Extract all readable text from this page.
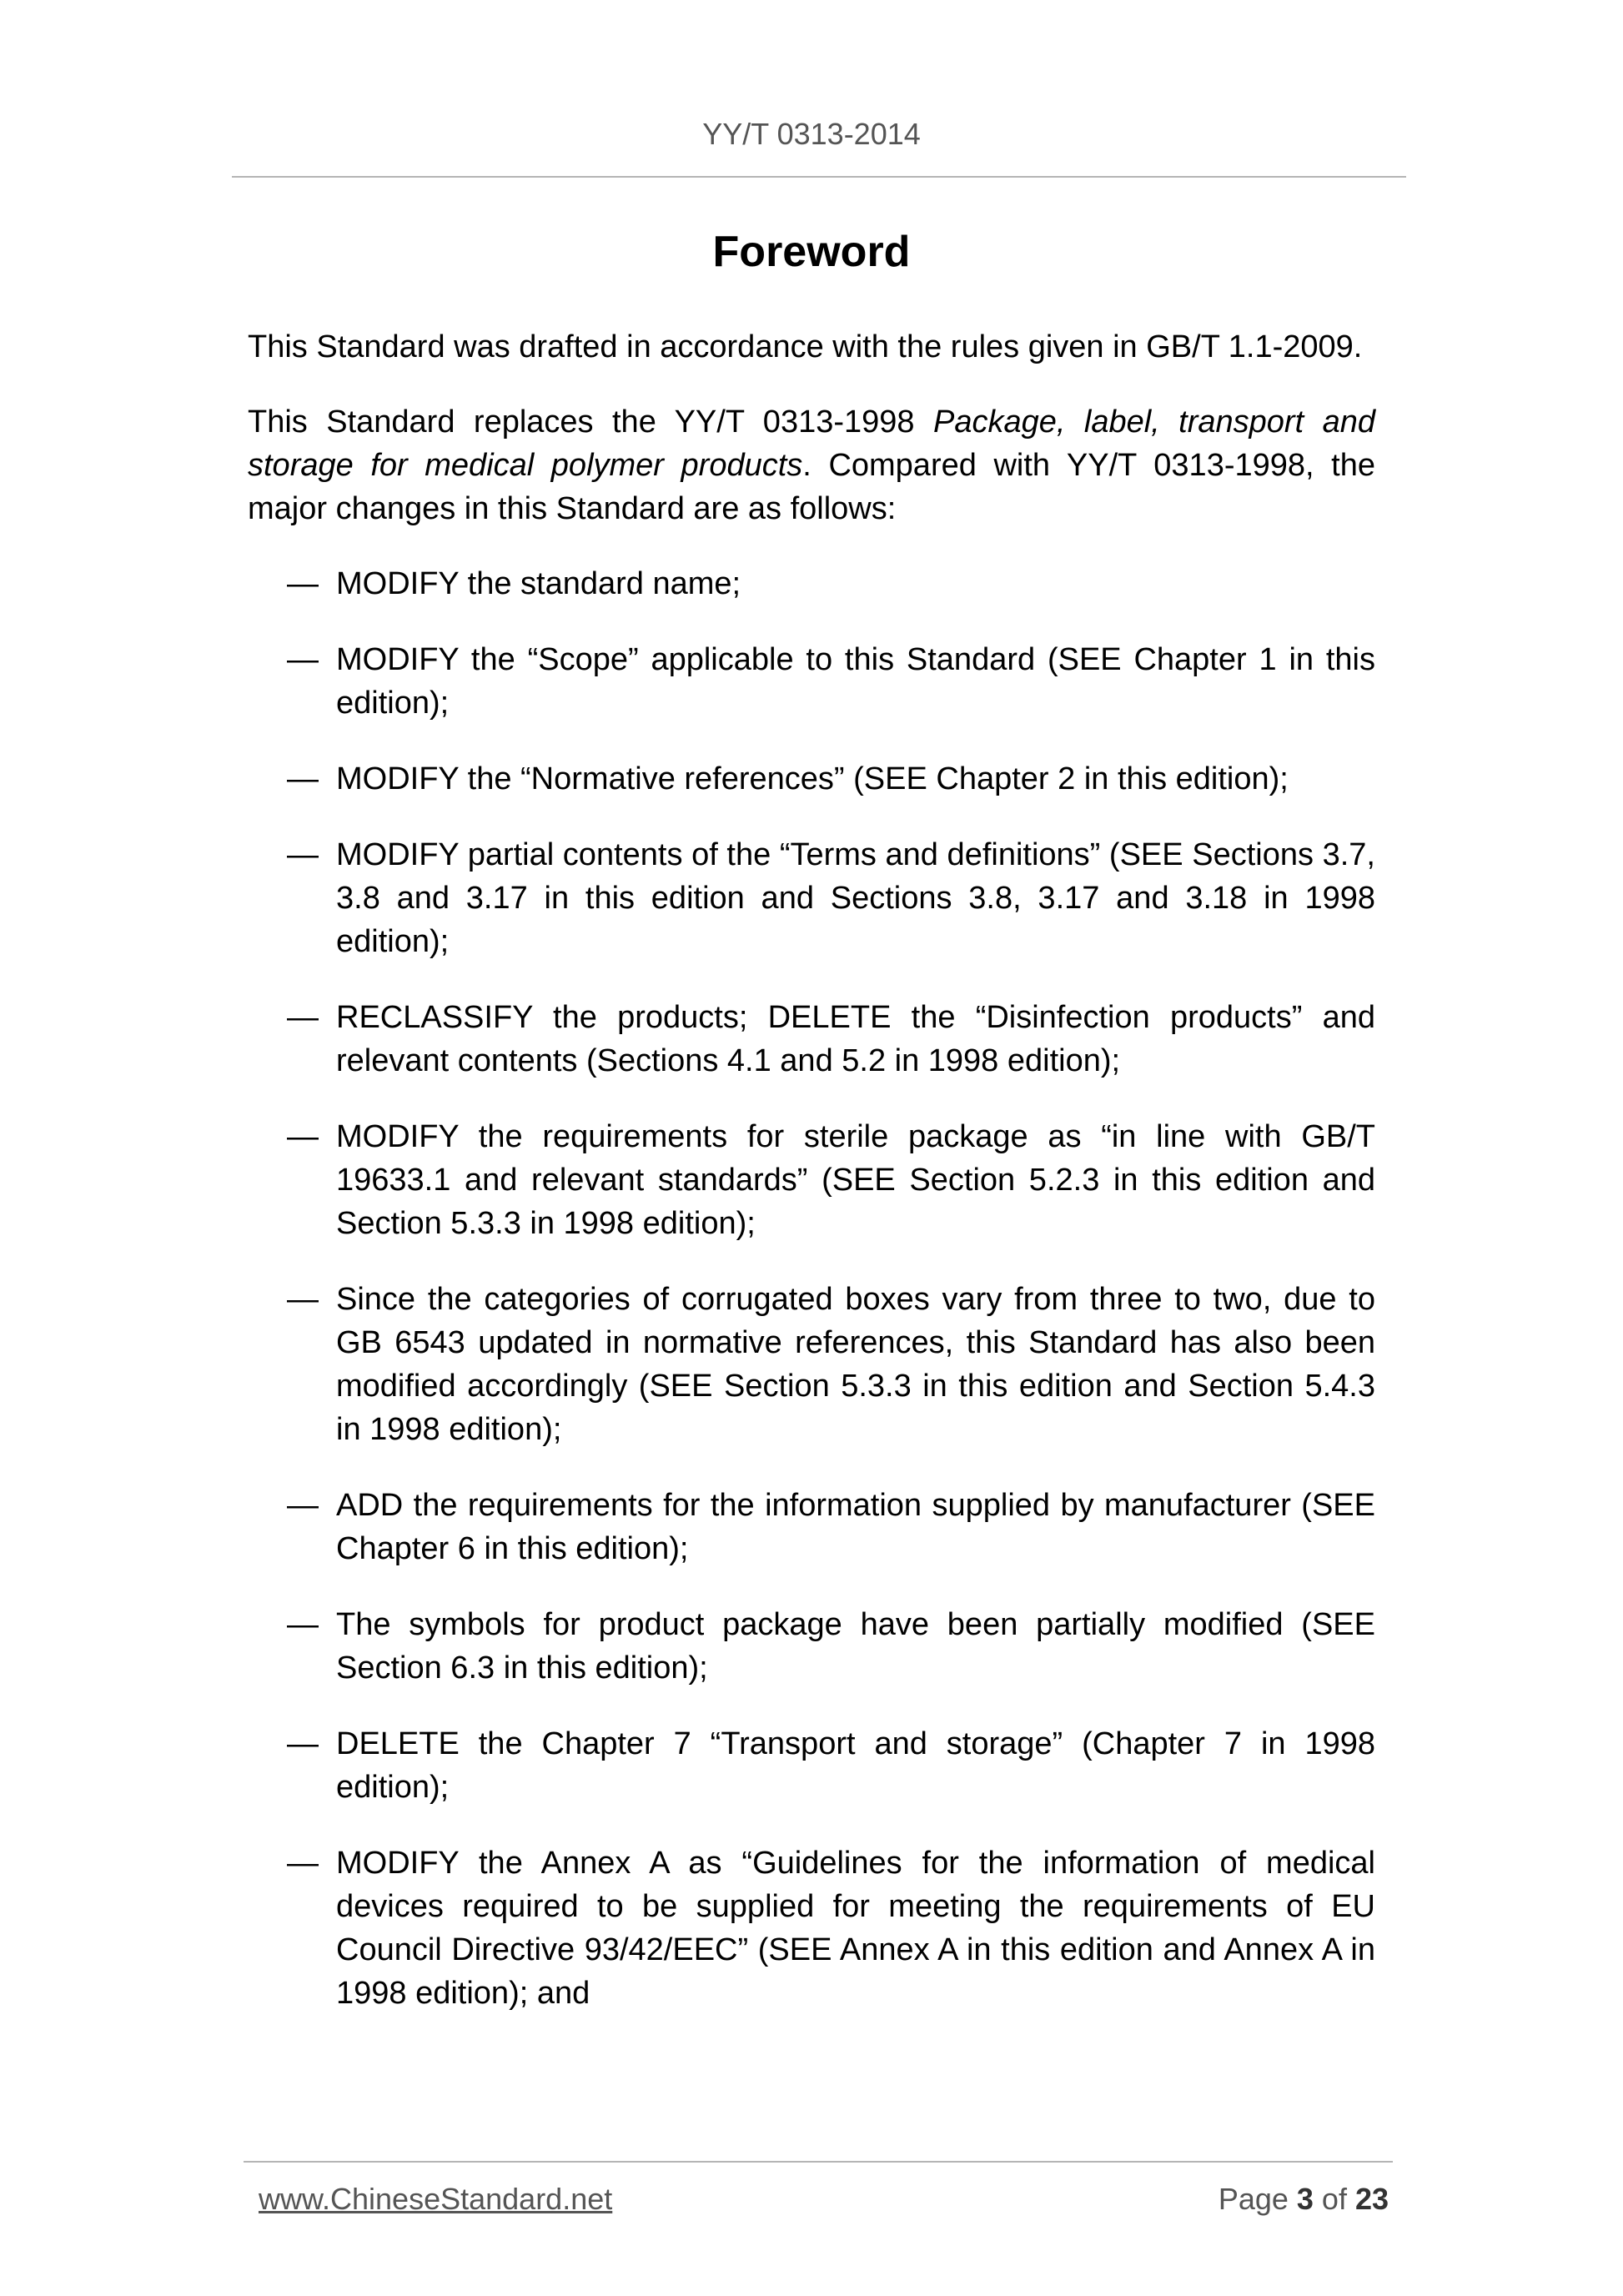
YY/T 0313-2014
Foreword

This Standard was drafted in accordance with the rules given in GB/T 1.1-2009.

This Standard replaces the YY/T 0313-1998 Package, label, transport and storage for medical polymer products. Compared with YY/T 0313-1998, the major changes in this Standard are as follows:

— MODIFY the standard name;
— MODIFY the “Scope” applicable to this Standard (SEE Chapter 1 in this edition);
— MODIFY the “Normative references” (SEE Chapter 2 in this edition);
— MODIFY partial contents of the “Terms and definitions” (SEE Sections 3.7, 3.8 and 3.17 in this edition and Sections 3.8, 3.17 and 3.18 in 1998 edition);
— RECLASSIFY the products; DELETE the “Disinfection products” and relevant contents (Sections 4.1 and 5.2 in 1998 edition);
— MODIFY the requirements for sterile package as “in line with GB/T 19633.1 and relevant standards” (SEE Section 5.2.3 in this edition and Section 5.3.3 in 1998 edition);
— Since the categories of corrugated boxes vary from three to two, due to GB 6543 updated in normative references, this Standard has also been modified accordingly (SEE Section 5.3.3 in this edition and Section 5.4.3 in 1998 edition);
— ADD the requirements for the information supplied by manufacturer (SEE Chapter 6 in this edition);
— The symbols for product package have been partially modified (SEE Section 6.3 in this edition);
— DELETE the Chapter 7 “Transport and storage” (Chapter 7 in 1998 edition);
— MODIFY the Annex A as “Guidelines for the information of medical devices required to be supplied for meeting the requirements of EU Council Directive 93/42/EEC” (SEE Annex A in this edition and Annex A in 1998 edition); and
www.ChineseStandard.net	Page 3 of 23
